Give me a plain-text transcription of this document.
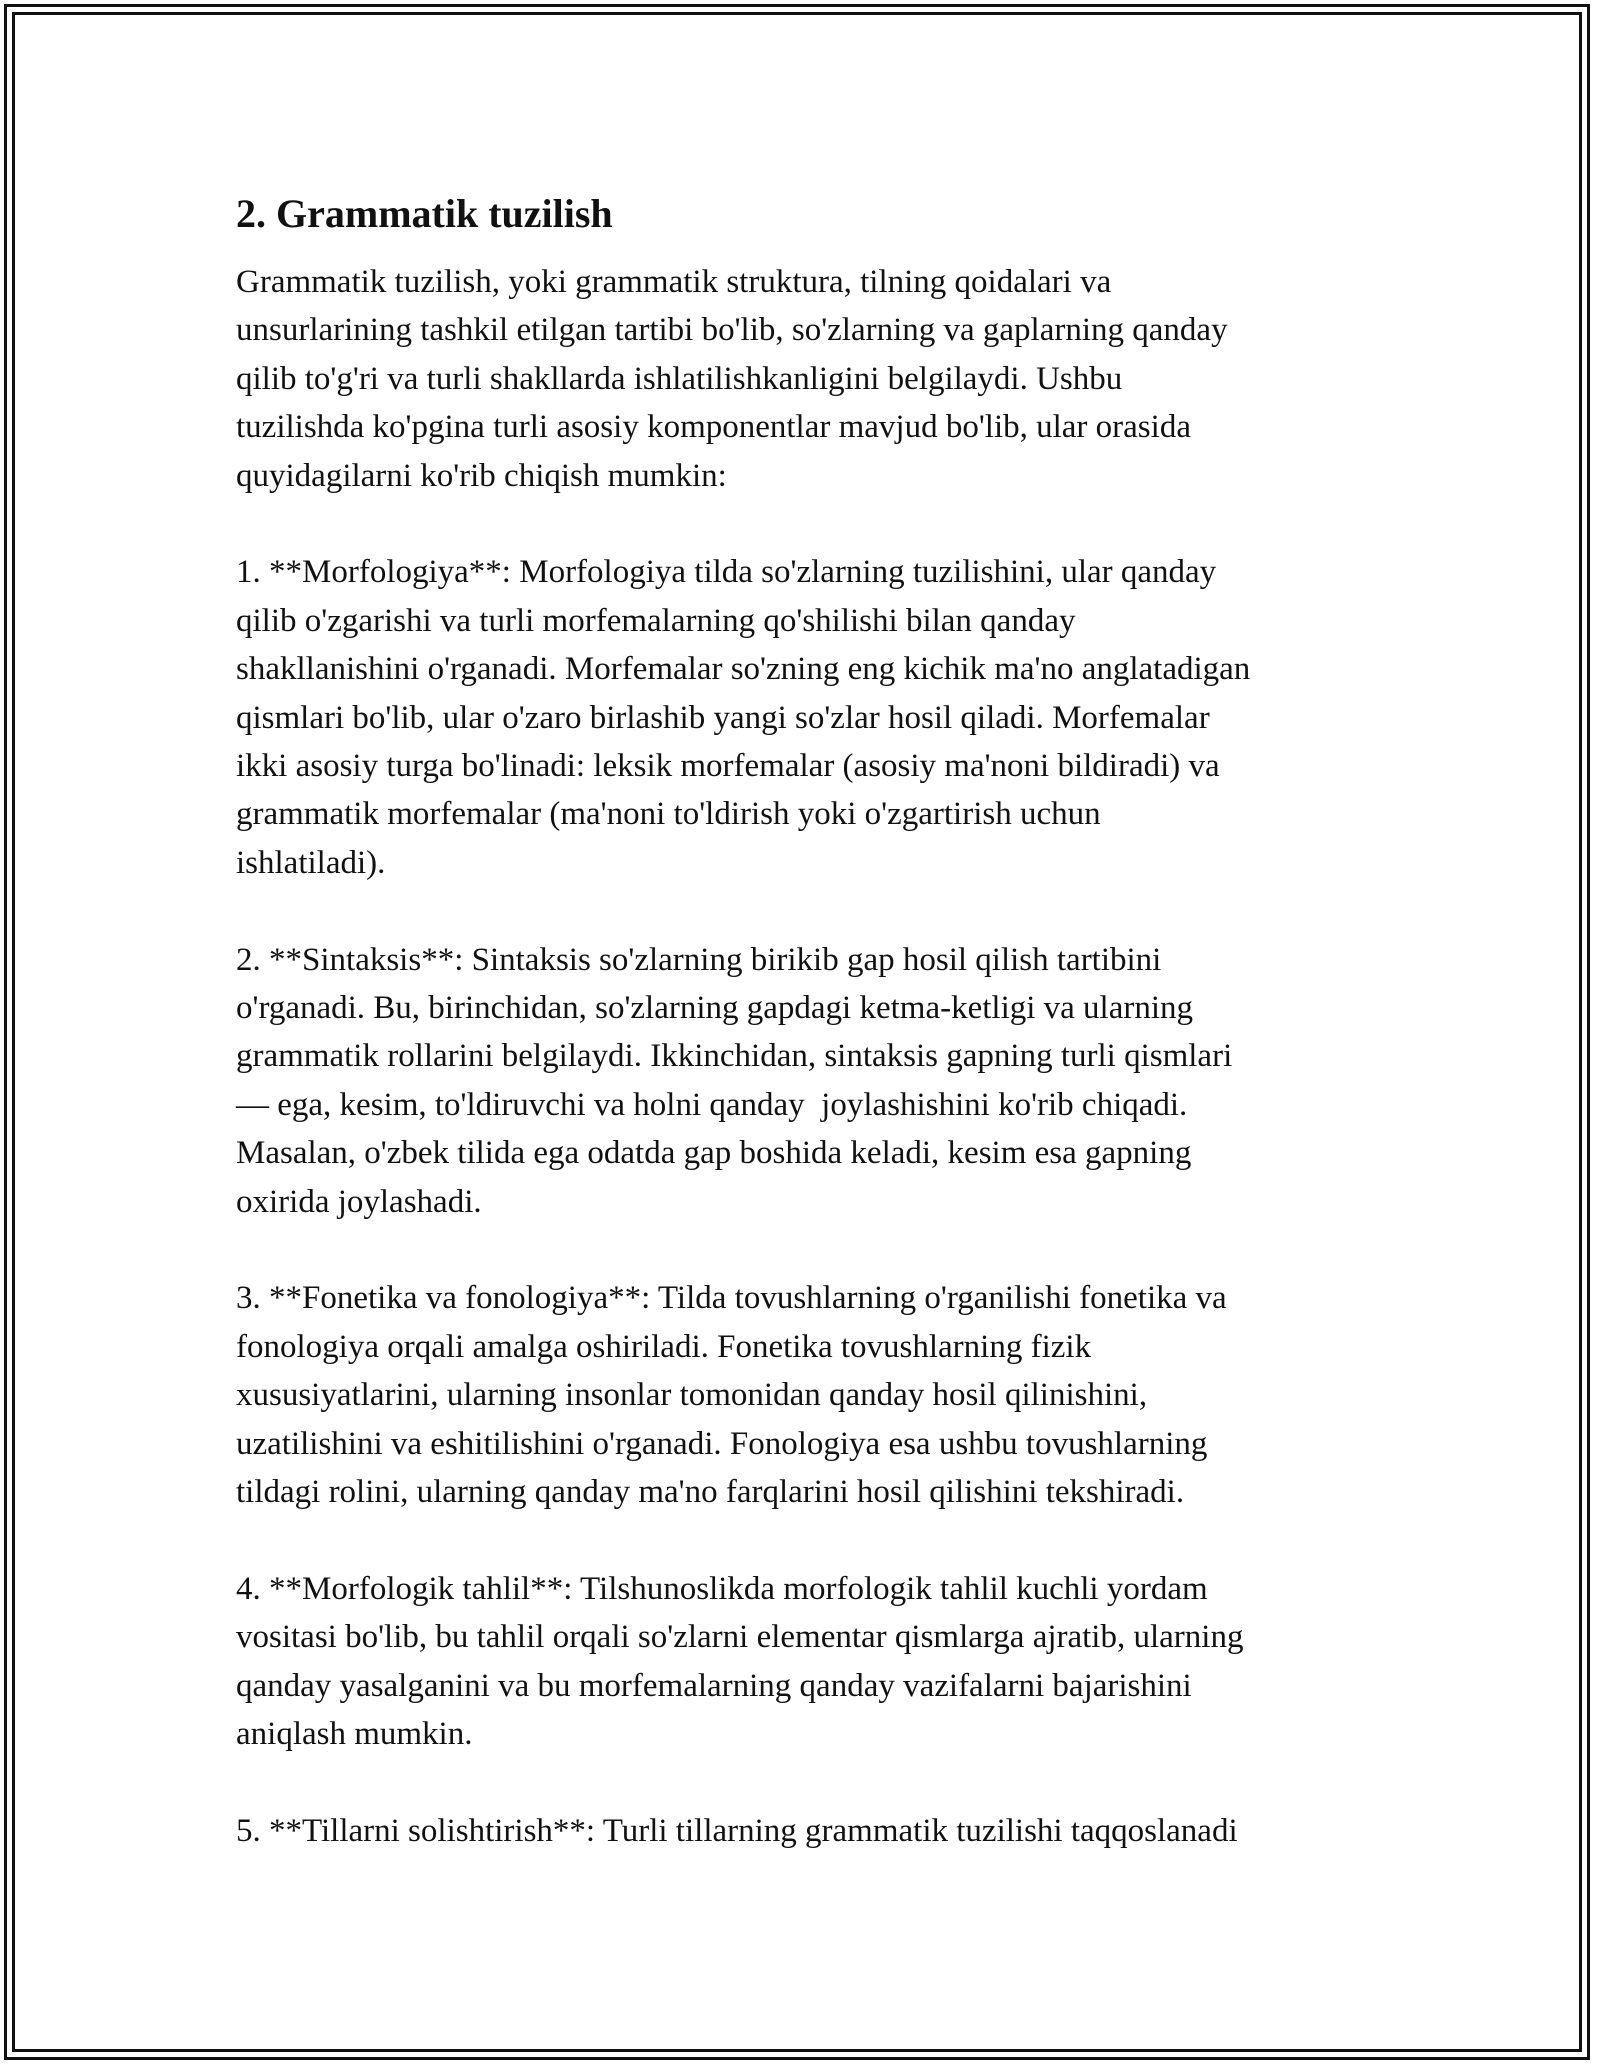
2. Grammatik tuzilish

Grammatik tuzilish, yoki grammatik struktura, tilning qoidalari va
unsurlarining tashkil etilgan tartibi bo'lib, so'zlarning va gaplarning qanday
qilib to'g'ri va turli shakllarda ishlatilishkanligini belgilaydi. Ushbu
tuzilishda ko'pgina turli asosiy komponentlar mavjud bo'lib, ular orasida
quyidagilarni ko'rib chiqish mumkin:

1. **Morfologiya**: Morfologiya tilda so'zlarning tuzilishini, ular qanday
qilib o'zgarishi va turli morfemalarning qo'shilishi bilan qanday
shakllanishini o'rganadi. Morfemalar so'zning eng kichik ma'no anglatadigan
qismlari bo'lib, ular o'zaro birlashib yangi so'zlar hosil qiladi. Morfemalar
ikki asosiy turga bo'linadi: leksik morfemalar (asosiy ma'noni bildiradi) va
grammatik morfemalar (ma'noni to'ldirish yoki o'zgartirish uchun
ishlatiladi).

2. **Sintaksis**: Sintaksis so'zlarning birikib gap hosil qilish tartibini
o'rganadi. Bu, birinchidan, so'zlarning gapdagi ketma-ketligi va ularning
grammatik rollarini belgilaydi. Ikkinchidan, sintaksis gapning turli qismlari
— ega, kesim, to'ldiruvchi va holni qanday  joylashishini ko'rib chiqadi.
Masalan, o'zbek tilida ega odatda gap boshida keladi, kesim esa gapning
oxirida joylashadi.

3. **Fonetika va fonologiya**: Tilda tovushlarning o'rganilishi fonetika va
fonologiya orqali amalga oshiriladi. Fonetika tovushlarning fizik
xususiyatlarini, ularning insonlar tomonidan qanday hosil qilinishini,
uzatilishini va eshitilishini o'rganadi. Fonologiya esa ushbu tovushlarning
tildagi rolini, ularning qanday ma'no farqlarini hosil qilishini tekshiradi.

4. **Morfologik tahlil**: Tilshunoslikda morfologik tahlil kuchli yordam
vositasi bo'lib, bu tahlil orqali so'zlarni elementar qismlarga ajratib, ularning
qanday yasalganini va bu morfemalarning qanday vazifalarni bajarishini
aniqlash mumkin.

5. **Tillarni solishtirish**: Turli tillarning grammatik tuzilishi taqqoslanadi
